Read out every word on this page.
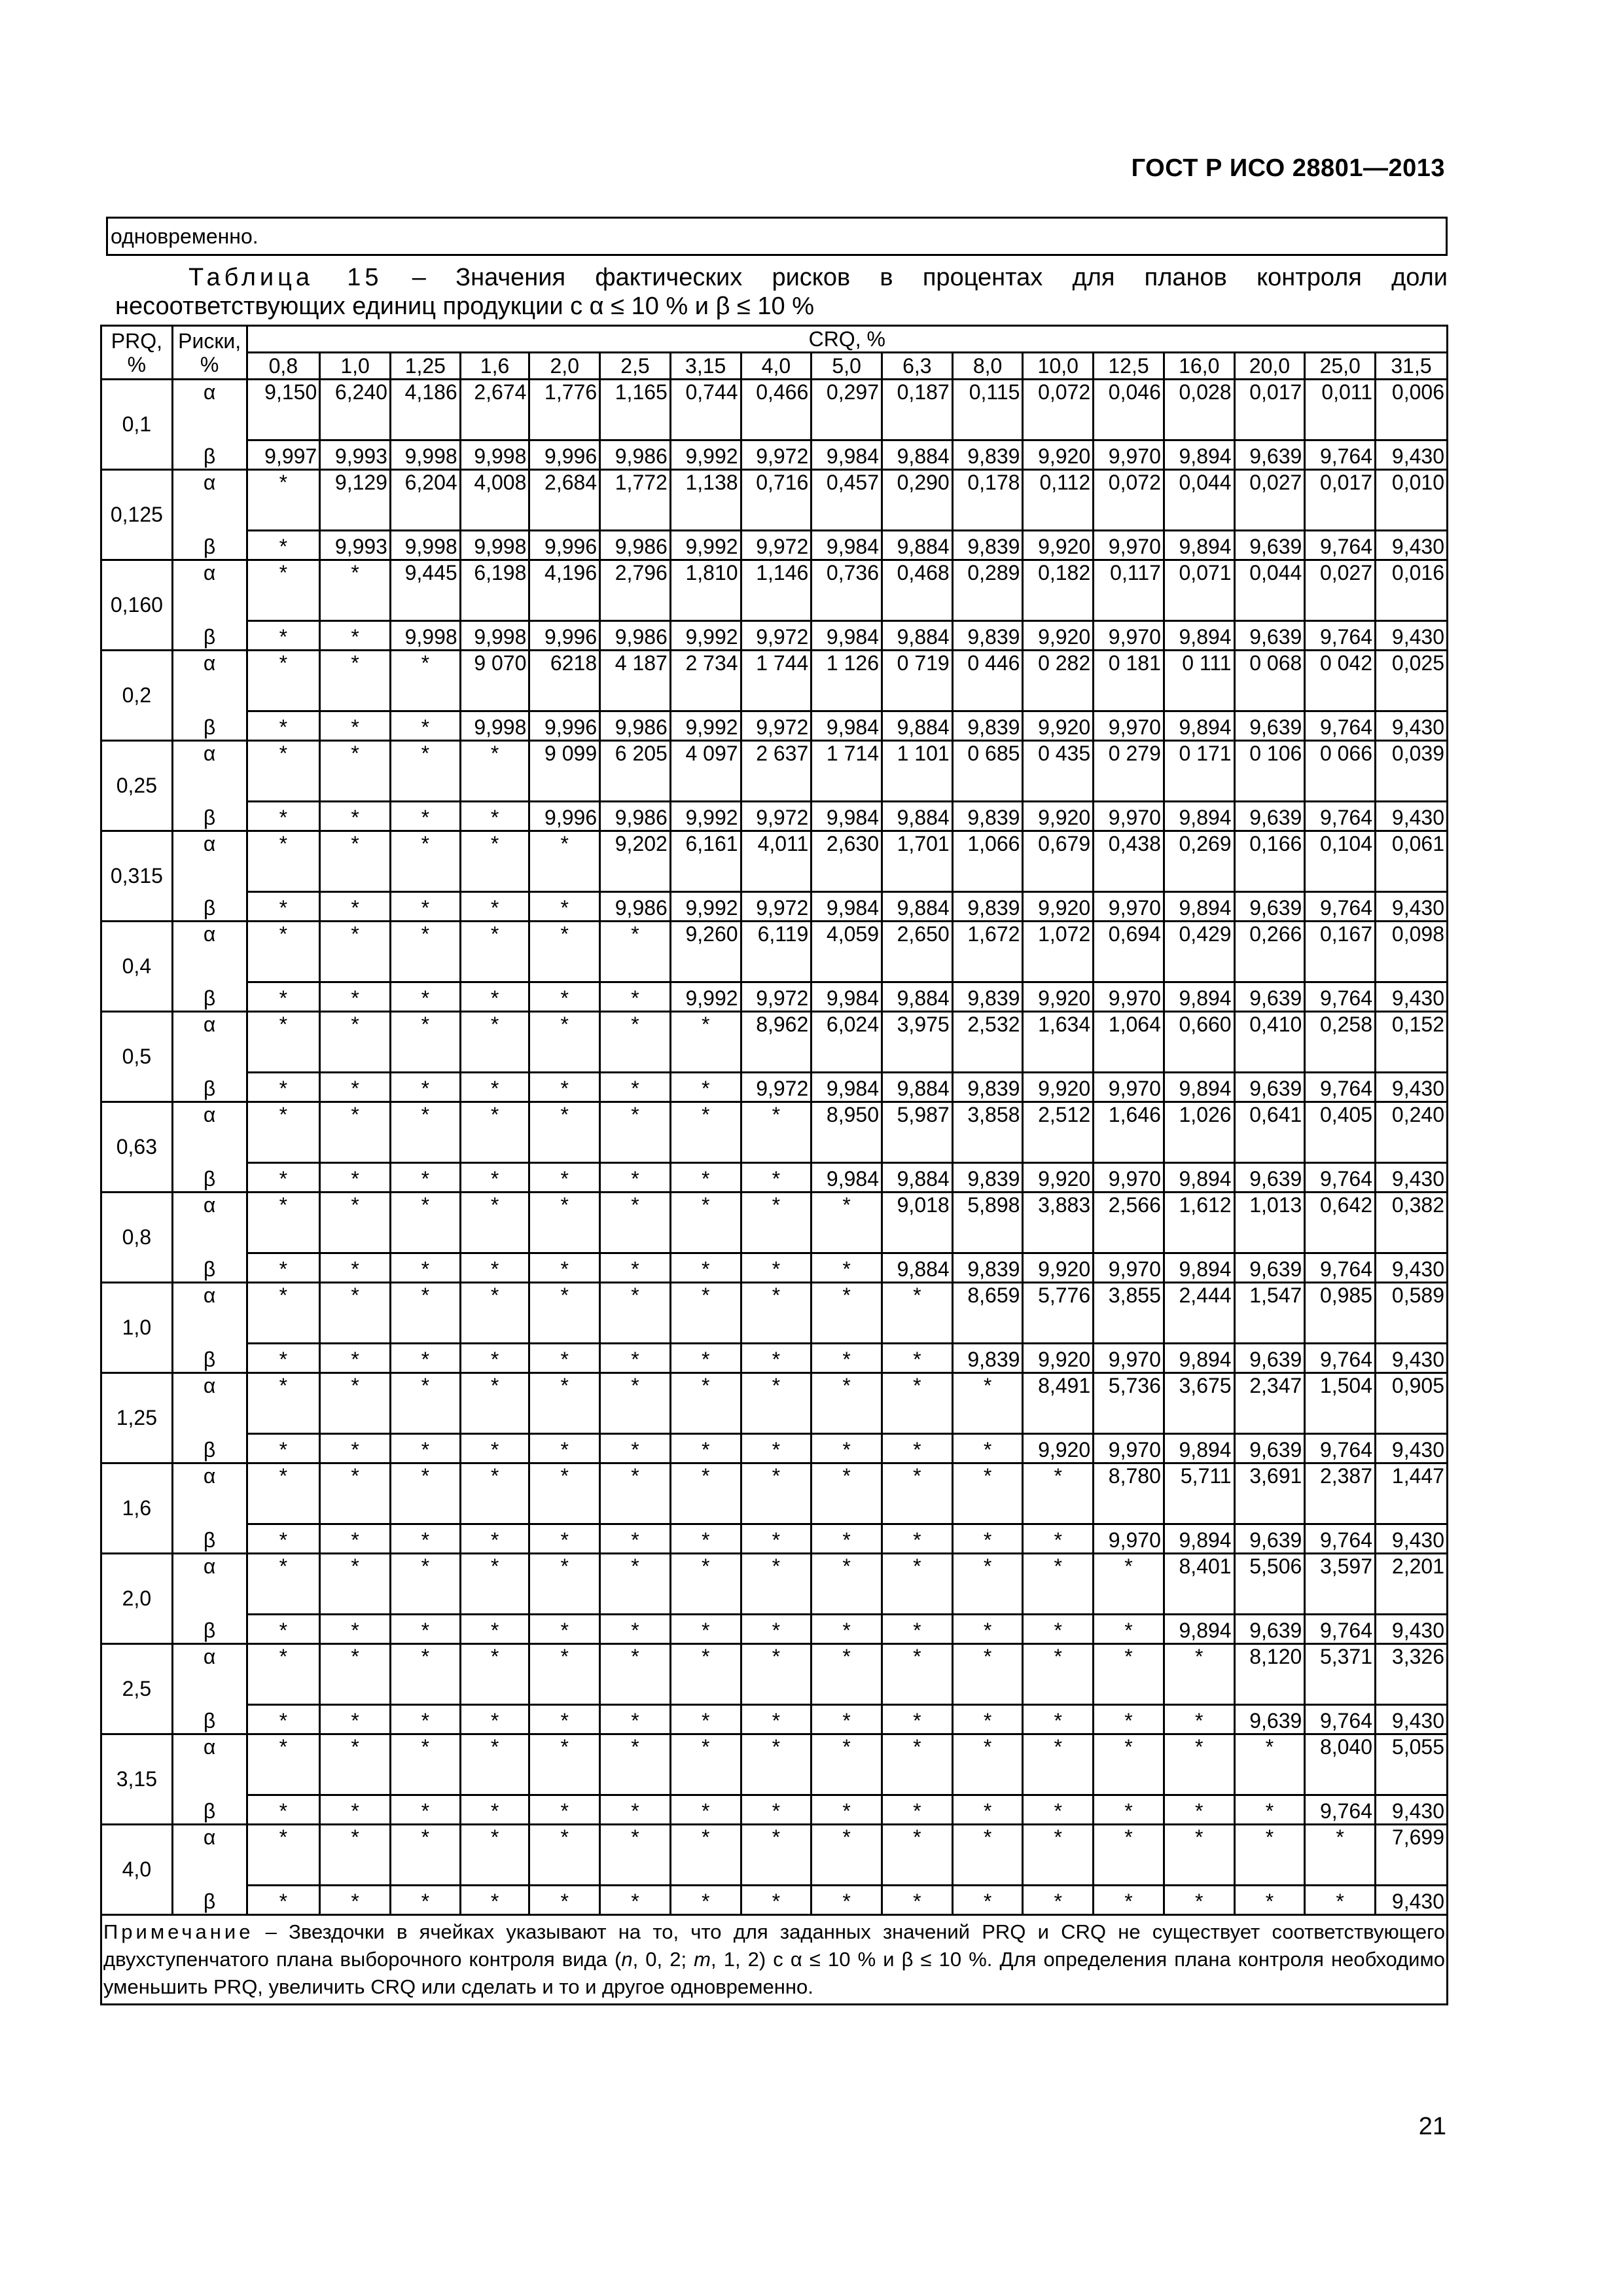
ГОСТ Р ИСО 28801—2013
одновременно.
Таблица 15 – Значения фактических рисков в процентах для планов контроля доли
несоответствующих единиц продукции с α ≤ 10 % и β ≤ 10 %
PRQ,
%	Риски,
%	CRQ, %																
		0,8	1,0	1,25	1,6	2,0	2,5	3,15	4,0	5,0	6,3	8,0	10,0	12,5	16,0	20,0	25,0	31,5
0,1	α	9,150	6,240	4,186	2,674	1,776	1,165	0,744	0,466	0,297	0,187	0,115	0,072	0,046	0,028	0,017	0,011	0,006
	β	9,997	9,993	9,998	9,998	9,996	9,986	9,992	9,972	9,984	9,884	9,839	9,920	9,970	9,894	9,639	9,764	9,430
0,125	α	*	9,129	6,204	4,008	2,684	1,772	1,138	0,716	0,457	0,290	0,178	0,112	0,072	0,044	0,027	0,017	0,010
	β	*	9,993	9,998	9,998	9,996	9,986	9,992	9,972	9,984	9,884	9,839	9,920	9,970	9,894	9,639	9,764	9,430
0,160	α	*	*	9,445	6,198	4,196	2,796	1,810	1,146	0,736	0,468	0,289	0,182	0,117	0,071	0,044	0,027	0,016
	β	*	*	9,998	9,998	9,996	9,986	9,992	9,972	9,984	9,884	9,839	9,920	9,970	9,894	9,639	9,764	9,430
0,2	α	*	*	*	9 070	6218	4 187	2 734	1 744	1 126	0 719	0 446	0 282	0 181	0 111	0 068	0 042	0,025
	β	*	*	*	9,998	9,996	9,986	9,992	9,972	9,984	9,884	9,839	9,920	9,970	9,894	9,639	9,764	9,430
0,25	α	*	*	*	*	9 099	6 205	4 097	2 637	1 714	1 101	0 685	0 435	0 279	0 171	0 106	0 066	0,039
	β	*	*	*	*	9,996	9,986	9,992	9,972	9,984	9,884	9,839	9,920	9,970	9,894	9,639	9,764	9,430
0,315	α	*	*	*	*	*	9,202	6,161	4,011	2,630	1,701	1,066	0,679	0,438	0,269	0,166	0,104	0,061
	β	*	*	*	*	*	9,986	9,992	9,972	9,984	9,884	9,839	9,920	9,970	9,894	9,639	9,764	9,430
0,4	α	*	*	*	*	*	*	9,260	6,119	4,059	2,650	1,672	1,072	0,694	0,429	0,266	0,167	0,098
	β	*	*	*	*	*	*	9,992	9,972	9,984	9,884	9,839	9,920	9,970	9,894	9,639	9,764	9,430
0,5	α	*	*	*	*	*	*	*	8,962	6,024	3,975	2,532	1,634	1,064	0,660	0,410	0,258	0,152
	β	*	*	*	*	*	*	*	9,972	9,984	9,884	9,839	9,920	9,970	9,894	9,639	9,764	9,430
0,63	α	*	*	*	*	*	*	*	*	8,950	5,987	3,858	2,512	1,646	1,026	0,641	0,405	0,240
	β	*	*	*	*	*	*	*	*	9,984	9,884	9,839	9,920	9,970	9,894	9,639	9,764	9,430
0,8	α	*	*	*	*	*	*	*	*	*	9,018	5,898	3,883	2,566	1,612	1,013	0,642	0,382
	β	*	*	*	*	*	*	*	*	*	9,884	9,839	9,920	9,970	9,894	9,639	9,764	9,430
1,0	α	*	*	*	*	*	*	*	*	*	*	8,659	5,776	3,855	2,444	1,547	0,985	0,589
	β	*	*	*	*	*	*	*	*	*	*	9,839	9,920	9,970	9,894	9,639	9,764	9,430
1,25	α	*	*	*	*	*	*	*	*	*	*	*	8,491	5,736	3,675	2,347	1,504	0,905
	β	*	*	*	*	*	*	*	*	*	*	*	9,920	9,970	9,894	9,639	9,764	9,430
1,6	α	*	*	*	*	*	*	*	*	*	*	*	*	8,780	5,711	3,691	2,387	1,447
	β	*	*	*	*	*	*	*	*	*	*	*	*	9,970	9,894	9,639	9,764	9,430
2,0	α	*	*	*	*	*	*	*	*	*	*	*	*	*	8,401	5,506	3,597	2,201
	β	*	*	*	*	*	*	*	*	*	*	*	*	*	9,894	9,639	9,764	9,430
2,5	α	*	*	*	*	*	*	*	*	*	*	*	*	*	*	8,120	5,371	3,326
	β	*	*	*	*	*	*	*	*	*	*	*	*	*	*	9,639	9,764	9,430
3,15	α	*	*	*	*	*	*	*	*	*	*	*	*	*	*	*	8,040	5,055
	β	*	*	*	*	*	*	*	*	*	*	*	*	*	*	*	9,764	9,430
4,0	α	*	*	*	*	*	*	*	*	*	*	*	*	*	*	*	*	7,699
	β	*	*	*	*	*	*	*	*	*	*	*	*	*	*	*	*	9,430
Примечание – Звездочки в ячейках указывают на то, что для заданных значений PRQ и CRQ не существует соответствующего двухступенчатого плана выборочного контроля вида (n, 0, 2; m, 1, 2) с α ≤ 10 % и β ≤ 10 %. Для определения плана контроля необходимо уменьшить PRQ, увеличить CRQ или сделать и то и другое одновременно.																		
21
